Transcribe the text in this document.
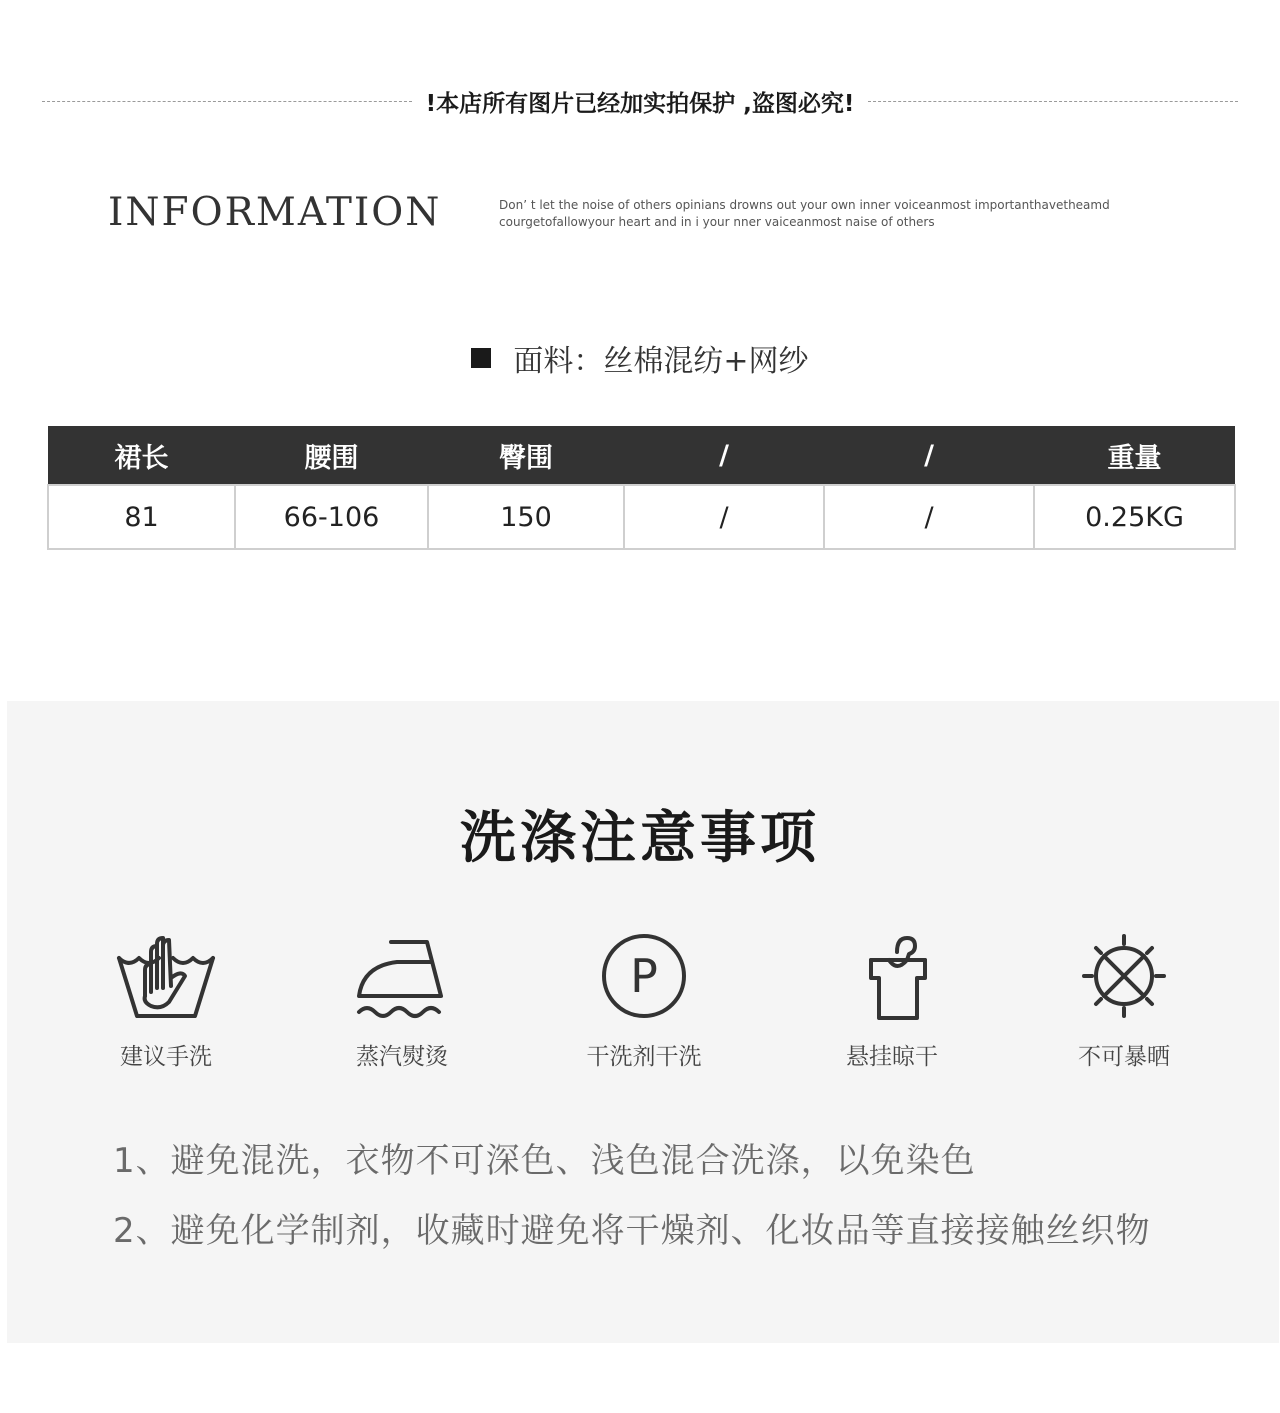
!本店所有图片已经加实拍保护 ,盗图必究!
INFORMATION	Don’ t let the noise of others opinians drowns out your own inner voiceanmost importanthavetheamd
courgetofallowyour heart and in i your nner vaiceanmost naise of others
面料：丝棉混纺+网纱
裙长	腰围	臀围	/	/	重量
81	66-106	150	/	/	0.25KG
洗涤注意事项
建议手洗	蒸汽熨烫
P
干洗剂干洗	悬挂晾干	不可暴晒
1、避免混洗，衣物不可深色、浅色混合洗涤，以免染色
2、避免化学制剂，收藏时避免将干燥剂、化妆品等直接接触丝织物
